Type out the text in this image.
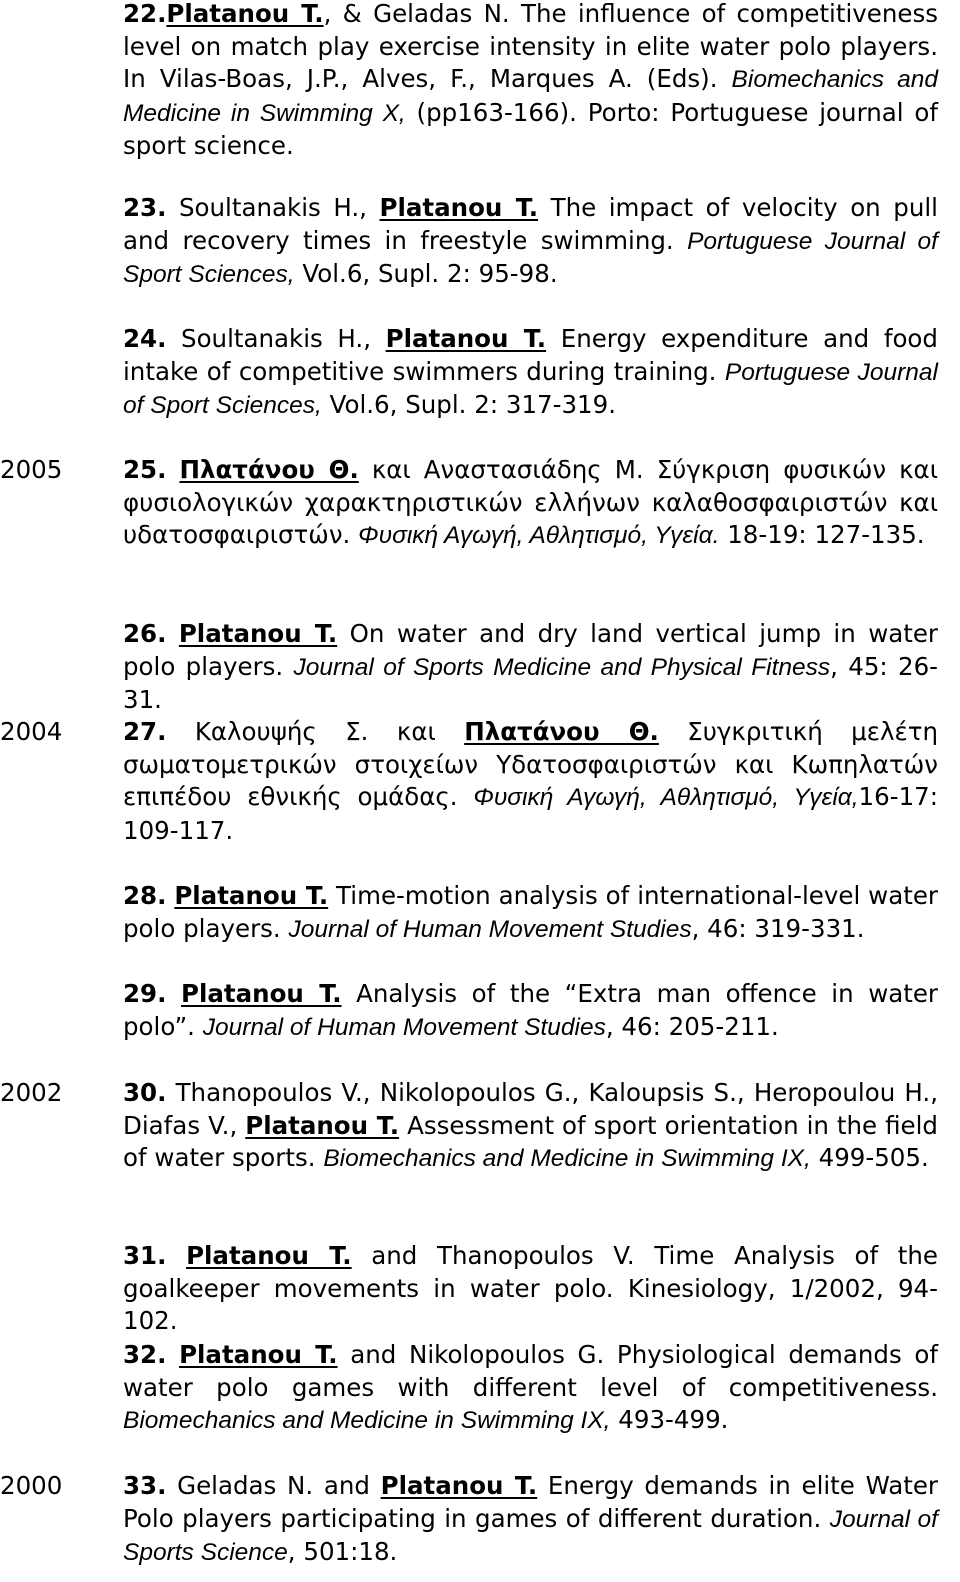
2005

2004

2002

2000

22.Platanou T., & Geladas N. The influence of competitiveness level on match play exercise intensity in elite water polo players. In Vilas-Boas, J.P., Alves, F., Marques A. (Eds). Biomechanics and Medicine in Swimming X, (pp163-166). Porto: Portuguese journal of sport science.

23. Soultanakis H., Platanou T. The impact of velocity on pull and recovery times in freestyle swimming. Portuguese Journal of Sport Sciences, Vol.6, Supl. 2: 95-98.

24. Soultanakis H., Platanou T. Energy expenditure and food intake of competitive swimmers during training. Portuguese Journal of Sport Sciences, Vol.6, Supl. 2: 317-319.

25. Πλατάνου Θ. και Αναστασιάδης Μ. Σύγκριση φυσικών και φυσιολογικών χαρακτηριστικών ελλήνων καλαθοσφαιριστών και υδατοσφαιριστών. Φυσική Αγωγή, Αθλητισμό, Υγεία. 18-19: 127-135.

26. Platanou T. On water and dry land vertical jump in water polo players. Journal of Sports Medicine and Physical Fitness, 45: 26-31.

27. Καλουψής Σ. και Πλατάνου Θ. Συγκριτική μελέτη σωματομετρικών στοιχείων Υδατοσφαιριστών και Κωπηλατών επιπέδου εθνικής ομάδας. Φυσική Αγωγή, Αθλητισμό, Υγεία,16-17: 109-117.

28. Platanou T. Time-motion analysis of international-level water polo players. Journal of Human Movement Studies, 46: 319-331.

29. Platanou T. Analysis of the “Extra man offence in water polo”. Journal of Human Movement Studies, 46: 205-211.

30. Thanopoulos V., Nikolopoulos G., Kaloupsis S., Heropoulou H., Diafas V., Platanou T. Assessment of sport orientation in the field of water sports. Biomechanics and Medicine in Swimming IX, 499-505.

31. Platanou T. and Thanopoulos V. Time Analysis of the goalkeeper movements in water polo. Kinesiology, 1/2002, 94-102.

32. Platanou T. and Nikolopoulos G. Physiological demands of water polo games with different level of competitiveness. Biomechanics and Medicine in Swimming IX, 493-499.

33. Geladas N. and Platanou T. Energy demands in elite Water Polo players participating in games of different duration. Journal of Sports Science, 501:18.
